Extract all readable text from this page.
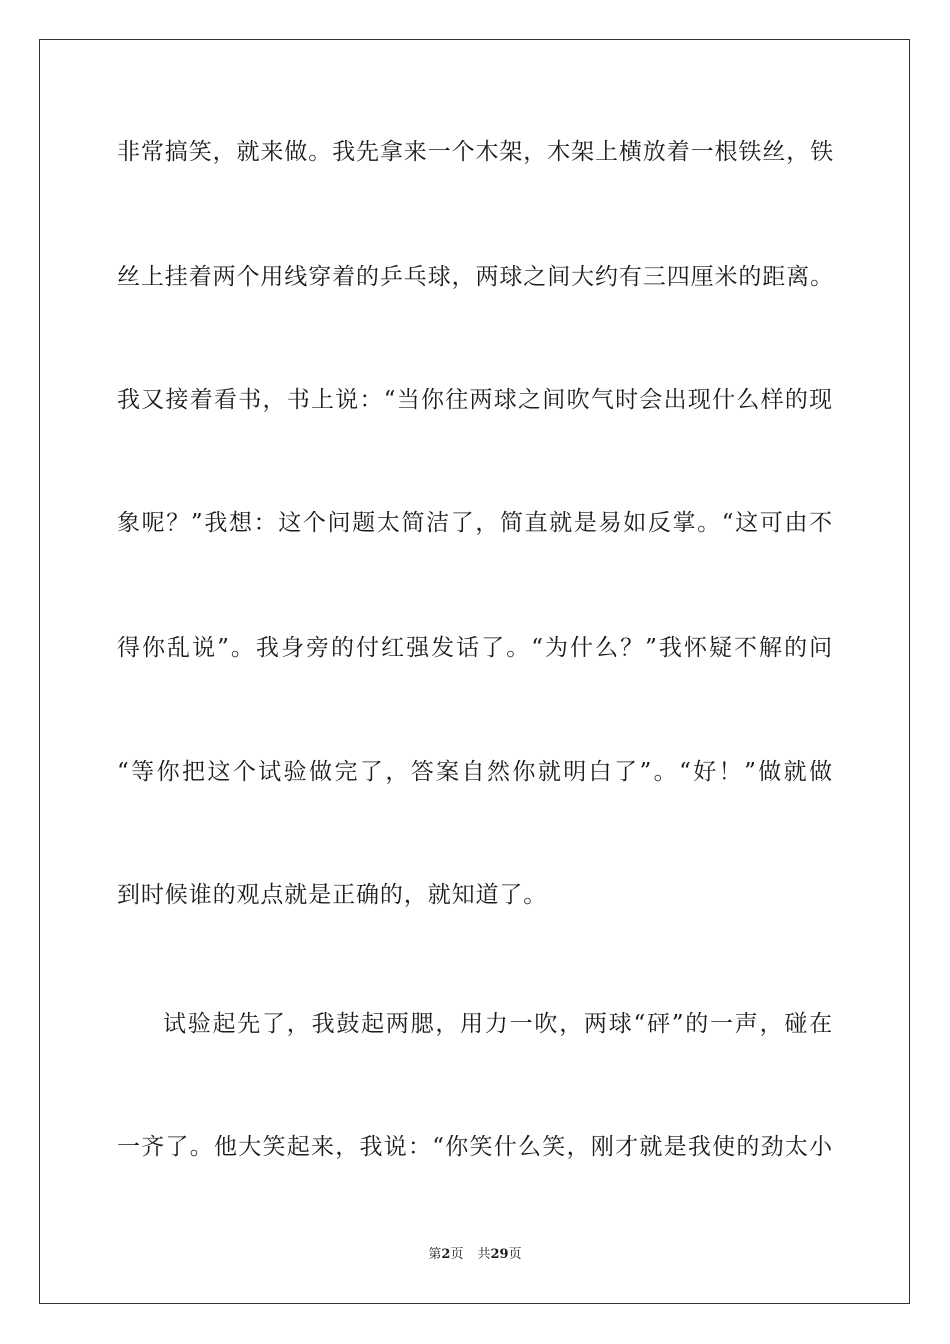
非常搞笑，就来做。我先拿来一个木架，木架上横放着一根铁丝，铁
丝上挂着两个用线穿着的乒乓球，两球之间大约有三四厘米的距离。
我又接着看书，书上说：“当你往两球之间吹气时会出现什么样的现
象呢？”我想：这个问题太简洁了，简直就是易如反掌。“这可由不
得你乱说”。我身旁的付红强发话了。“为什么？”我怀疑不解的问
“等你把这个试验做完了，答案自然你就明白了”。“好！”做就做
到时候谁的观点就是正确的，就知道了。
试验起先了，我鼓起两腮，用力一吹，两球“砰”的一声，碰在
一齐了。他大笑起来，我说：“你笑什么笑，刚才就是我使的劲太小
第2页 共29页
